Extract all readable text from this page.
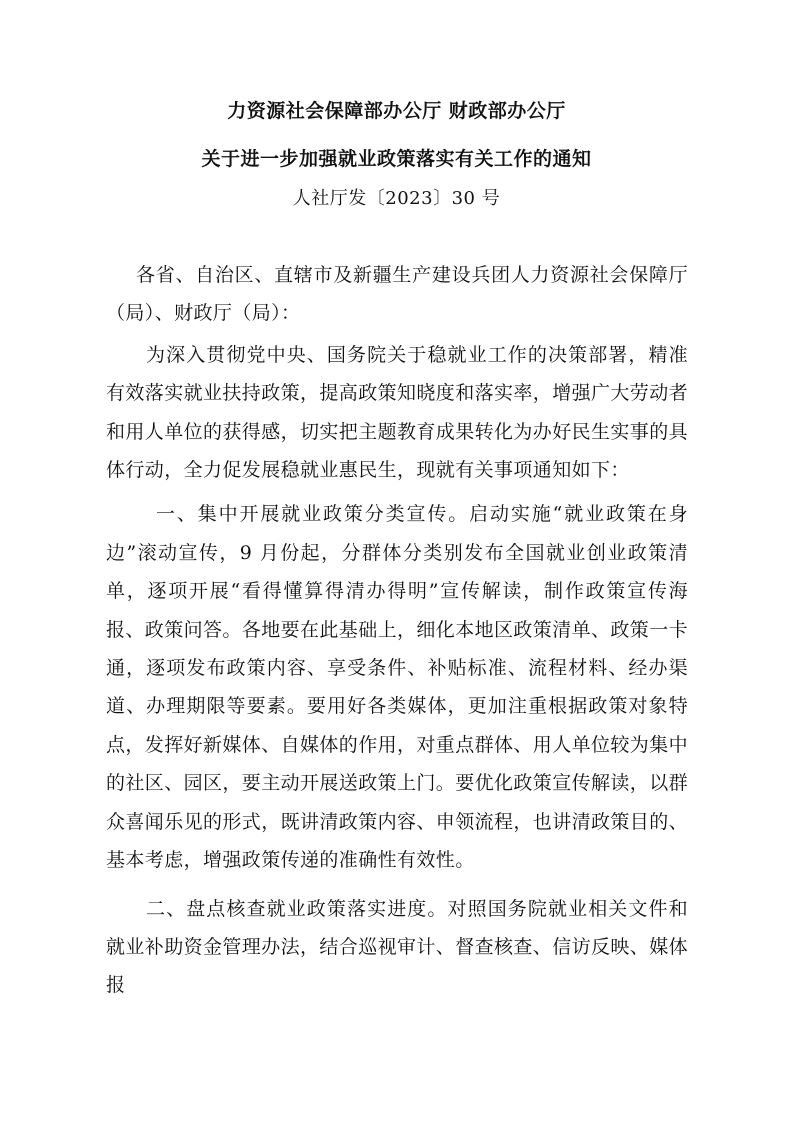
力资源社会保障部办公厅 财政部办公厅
关于进一步加强就业政策落实有关工作的通知
人社厅发〔2023〕30 号

各省、自治区、直辖市及新疆生产建设兵团人力资源社会保障厅（局）、财政厅（局）：

为深入贯彻党中央、国务院关于稳就业工作的决策部署，精准有效落实就业扶持政策，提高政策知晓度和落实率，增强广大劳动者和用人单位的获得感，切实把主题教育成果转化为办好民生实事的具体行动，全力促发展稳就业惠民生，现就有关事项通知如下：

一、集中开展就业政策分类宣传。启动实施“就业政策在身边”滚动宣传，9 月份起，分群体分类别发布全国就业创业政策清单，逐项开展“看得懂算得清办得明”宣传解读，制作政策宣传海报、政策问答。各地要在此基础上，细化本地区政策清单、政策一卡通，逐项发布政策内容、享受条件、补贴标准、流程材料、经办渠道、办理期限等要素。要用好各类媒体，更加注重根据政策对象特点，发挥好新媒体、自媒体的作用，对重点群体、用人单位较为集中的社区、园区，要主动开展送政策上门。要优化政策宣传解读，以群众喜闻乐见的形式，既讲清政策内容、申领流程，也讲清政策目的、基本考虑，增强政策传递的准确性有效性。

二、盘点核查就业政策落实进度。对照国务院就业相关文件和就业补助资金管理办法，结合巡视审计、督查核查、信访反映、媒体报
